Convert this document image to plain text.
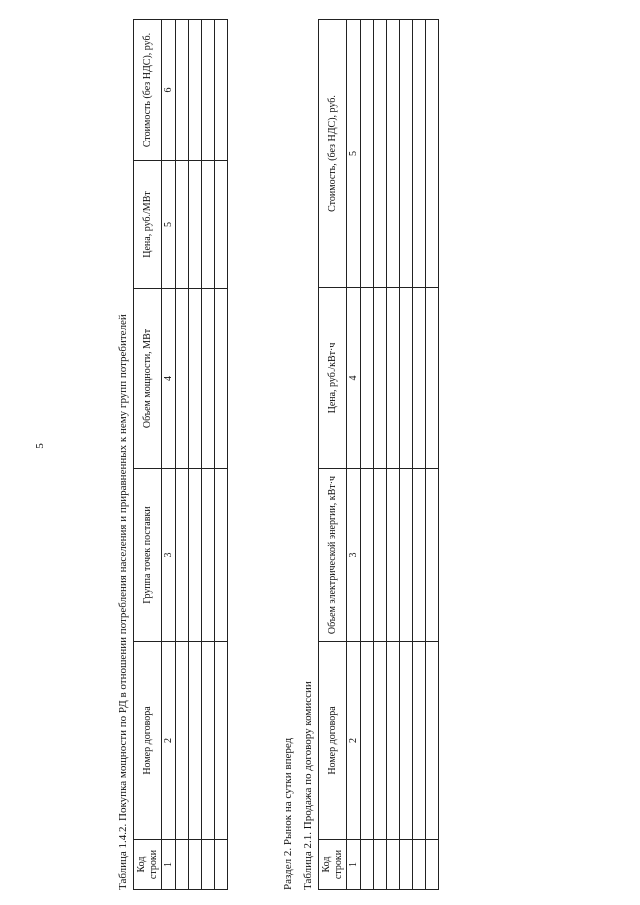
5	Таблица 1.4.2. Покупка мощности по РД в отношении потребления населения и приравненных к нему групп потребителей Код строки	Номер договора	Группа точек поставки	Объем мощности, МВт	Цена, руб./МВт	Стоимость (без НДС), руб.
1	2	3	4	5	6

Раздел 2. Рынок на сутки вперед Таблица 2.1. Продажа по договору комиссии Код строки	Номер договора	Объем электрической энергии, кВт·ч	Цена, руб./кВт·ч	Стоимость, (без НДС), руб.
1	2	3	4	5
